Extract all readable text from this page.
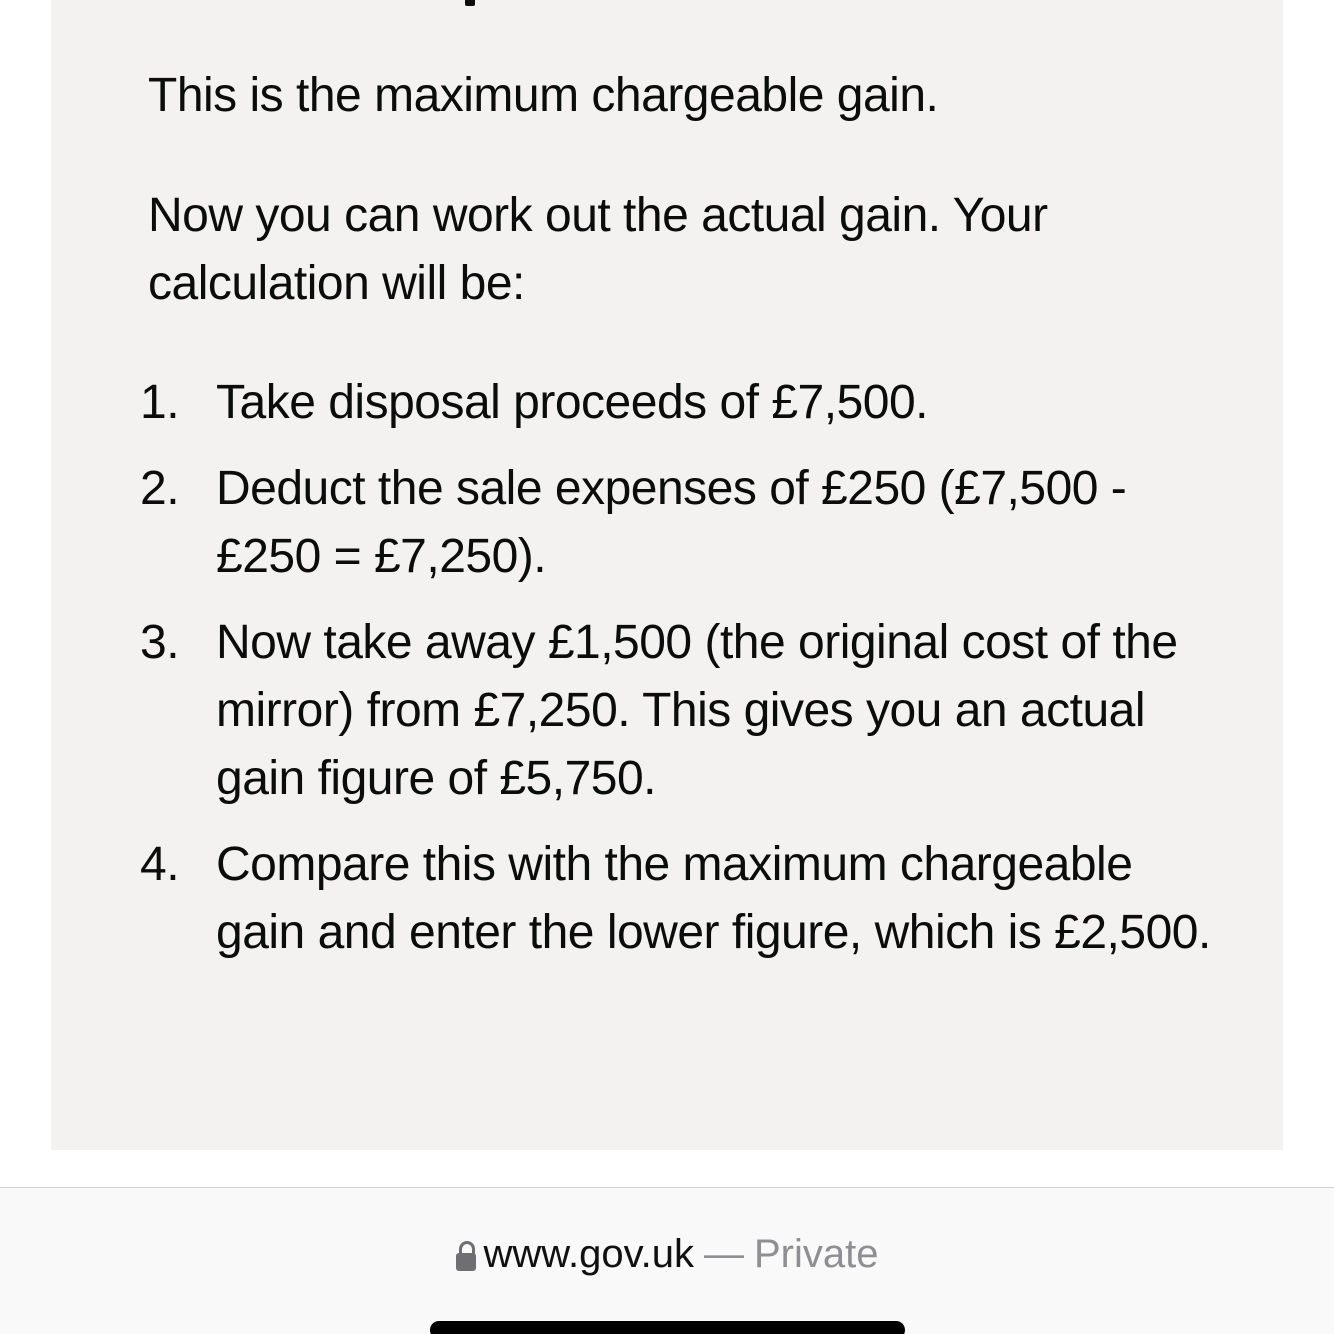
This is the maximum chargeable gain.

Now you can work out the actual gain. Your calculation will be:

1. Take disposal proceeds of £7,500.
2. Deduct the sale expenses of £250 (£7,500 - £250 = £7,250).
3. Now take away £1,500 (the original cost of the mirror) from £7,250. This gives you an actual gain figure of £5,750.
4. Compare this with the maximum chargeable gain and enter the lower figure, which is £2,500.
www.gov.uk — Private
